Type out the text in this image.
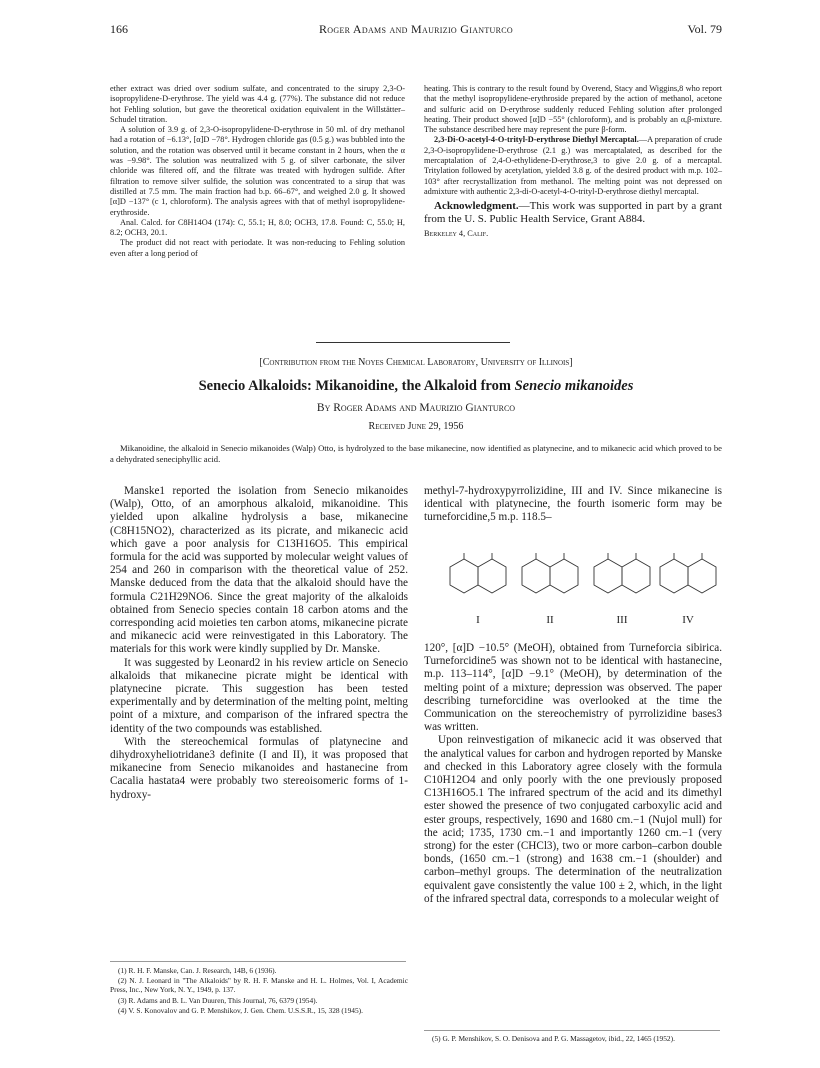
166	Roger Adams and Maurizio Gianturco	Vol. 79

ether extract was dried over sodium sulfate, and concentrated to the sirupy 2,3-O-isopropylidene-D-erythrose. The yield was 4.4 g. (77%). The substance did not reduce hot Fehling solution, but gave the theoretical oxidation equivalent in the Willstätter–Schudel titration.

A solution of 3.9 g. of 2,3-O-isopropylidene-D-erythrose in 50 ml. of dry methanol had a rotation of −6.13°, [α]D −78°. Hydrogen chloride gas (0.5 g.) was bubbled into the solution, and the rotation was observed until it became constant in 2 hours, when the α was −9.98°. The solution was neutralized with 5 g. of silver carbonate, the silver chloride was filtered off, and the filtrate was treated with hydrogen sulfide. After filtration to remove silver sulfide, the solution was concentrated to a sirup that was distilled at 7.5 mm. The main fraction had b.p. 66–67°, and weighed 2.0 g. It showed [α]D −137° (c 1, chloroform). The analysis agrees with that of methyl isopropylidene-erythroside.

Anal. Calcd. for C8H14O4 (174): C, 55.1; H, 8.0; OCH3, 17.8. Found: C, 55.0; H, 8.2; OCH3, 20.1.

The product did not react with periodate. It was non-reducing to Fehling solution even after a long period of

heating. This is contrary to the result found by Overend, Stacy and Wiggins,8 who report that the methyl isopropylidene-erythroside prepared by the action of methanol, acetone and sulfuric acid on D-erythrose suddenly reduced Fehling solution after prolonged heating. Their product showed [α]D −55° (chloroform), and is probably an α,β-mixture. The substance described here may represent the pure β-form.

2,3-Di-O-acetyl-4-O-trityl-D-erythrose Diethyl Mercaptal.—A preparation of crude 2,3-O-isopropylidene-D-erythrose (2.1 g.) was mercaptalated, as described for the mercaptalation of 2,4-O-ethylidene-D-erythrose,3 to give 2.0 g. of a mercaptal. Tritylation followed by acetylation, yielded 3.8 g. of the desired product with m.p. 102–103° after recrystallization from methanol. The melting point was not depressed on admixture with authentic 2,3-di-O-acetyl-4-O-trityl-D-erythrose diethyl mercaptal.

Acknowledgment.—This work was supported in part by a grant from the U. S. Public Health Service, Grant A884.

Berkeley 4, Calif.

[Contribution from the Noyes Chemical Laboratory, University of Illinois]
Senecio Alkaloids: Mikanoidine, the Alkaloid from Senecio mikanoides
By Roger Adams and Maurizio Gianturco
Received June 29, 1956

Mikanoidine, the alkaloid in Senecio mikanoides (Walp) Otto, is hydrolyzed to the base mikanecine, now identified as platynecine, and to mikanecic acid which proved to be a dehydrated seneciphyllic acid.

Manske1 reported the isolation from Senecio mikanoides (Walp), Otto, of an amorphous alkaloid, mikanoidine. This yielded upon alkaline hydrolysis a base, mikanecine (C8H15NO2), characterized as its picrate, and mikanecic acid which gave a poor analysis for C13H16O5. This empirical formula for the acid was supported by molecular weight values of 254 and 260 in comparison with the theoretical value of 252. Manske deduced from the data that the alkaloid should have the formula C21H29NO6. Since the great majority of the alkaloids obtained from Senecio species contain 18 carbon atoms and the corresponding acid moieties ten carbon atoms, mikanecine picrate and mikanecic acid were reinvestigated in this Laboratory. The materials for this work were kindly supplied by Dr. Manske.

It was suggested by Leonard2 in his review article on Senecio alkaloids that mikanecine picrate might be identical with platynecine picrate. This suggestion has been tested experimentally and by determination of the melting point, melting point of a mixture, and comparison of the infrared spectra the identity of the two compounds was established.

With the stereochemical formulas of platynecine and dihydroxyheliotridane3 definite (I and II), it was proposed that mikanecine from Senecio mikanoides and hastanecine from Cacalia hastata4 were probably two stereoisomeric forms of 1-hydroxy-

(1) R. H. F. Manske, Can. J. Research, 14B, 6 (1936).

(2) N. J. Leonard in "The Alkaloids" by R. H. F. Manske and H. L. Holmes, Vol. I, Academic Press, Inc., New York, N. Y., 1949, p. 137.

(3) R. Adams and B. L. Van Duuren, This Journal, 76, 6379 (1954).

(4) V. S. Konovalov and G. P. Menshikov, J. Gen. Chem. U.S.S.R., 15, 328 (1945).

methyl-7-hydroxypyrrolizidine, III and IV. Since mikanecine is identical with platynecine, the fourth isomeric form may be turneforcidine,5 m.p. 118.5–

I	II	III	IV

120°, [α]D −10.5° (MeOH), obtained from Turneforcia sibirica. Turneforcidine5 was shown not to be identical with hastanecine, m.p. 113–114°, [α]D −9.1° (MeOH), by determination of the melting point of a mixture; depression was observed. The paper describing turneforcidine was overlooked at the time the Communication on the stereochemistry of pyrrolizidine bases3 was written.

Upon reinvestigation of mikanecic acid it was observed that the analytical values for carbon and hydrogen reported by Manske and checked in this Laboratory agree closely with the formula C10H12O4 and only poorly with the one previously proposed C13H16O5.1 The infrared spectrum of the acid and its dimethyl ester showed the presence of two conjugated carboxylic acid and ester groups, respectively, 1690 and 1680 cm.−1 (Nujol mull) for the acid; 1735, 1730 cm.−1 and importantly 1260 cm.−1 (very strong) for the ester (CHCl3), two or more carbon–carbon double bonds, (1650 cm.−1 (strong) and 1638 cm.−1 (shoulder) and carbon–methyl groups. The determination of the neutralization equivalent gave consistently the value 100 ± 2, which, in the light of the infrared spectral data, corresponds to a molecular weight of

(5) G. P. Menshikov, S. O. Denisova and P. G. Massagetov, ibid., 22, 1465 (1952).
